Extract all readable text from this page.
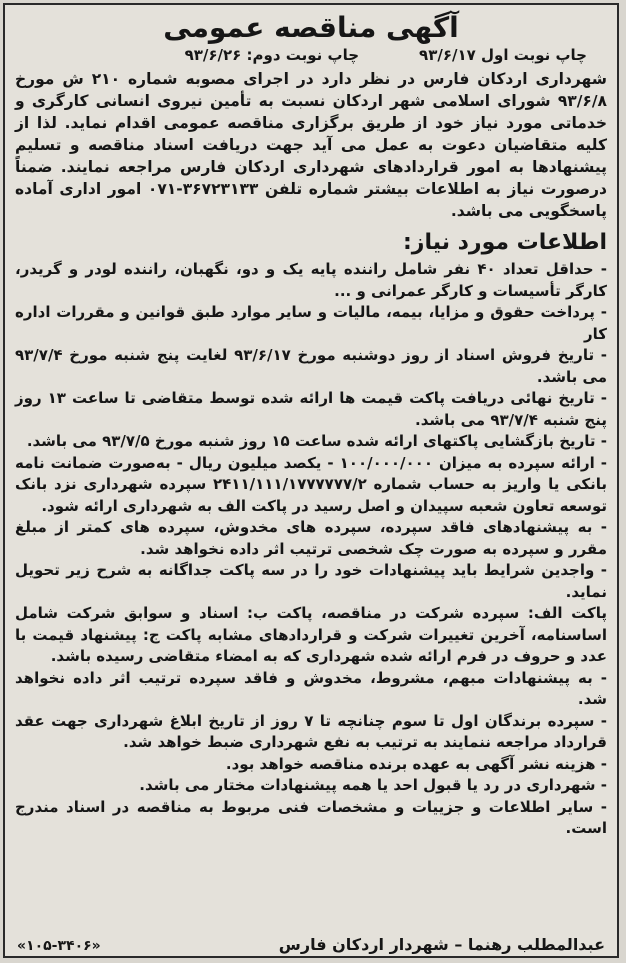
آگهی مناقصه عمومی
چاپ نوبت اول ۹۳/۶/۱۷
چاپ نوبت دوم: ۹۳/۶/۲۶
شهرداری اردکان فارس در نظر دارد در اجرای مصوبه شماره ۲۱۰ ش مورخ ۹۳/۶/۸ شورای اسلامی شهر اردکان نسبت به تأمین نیروی انسانی کارگری و خدماتی مورد نیاز خود از طریق برگزاری مناقصه عمومی اقدام نماید. لذا از کلیه متقاضیان دعوت به عمل می آید جهت دریافت اسناد مناقصه و تسلیم پیشنهادها به امور قراردادهای شهرداری اردکان فارس مراجعه نمایند. ضمناً درصورت نیاز به اطلاعات بیشتر شماره تلفن ۳۶۷۲۳۱۳۳-۰۷۱ امور اداری آماده پاسخگویی می باشد.
اطلاعات مورد نیاز:
- حداقل تعداد ۴۰ نفر شامل راننده پایه یک و دو، نگهبان، راننده لودر و گریدر، کارگر تأسیسات و کارگر عمرانی و ...
- پرداخت حقوق و مزایا، بیمه، مالیات و سایر موارد طبق قوانین و مقررات اداره کار
- تاریخ فروش اسناد از روز دوشنبه مورخ ۹۳/۶/۱۷ لغایت پنج شنبه مورخ ۹۳/۷/۴ می باشد.
- تاریخ نهائی دریافت پاکت قیمت ها ارائه شده توسط متقاضی تا ساعت ۱۳ روز پنج شنبه ۹۳/۷/۴ می باشد.
- تاریخ بازگشایی پاکتهای ارائه شده ساعت ۱۵ روز شنبه مورخ ۹۳/۷/۵ می باشد.
- ارائه سپرده به میزان ۱۰۰/۰۰۰/۰۰۰ - یکصد میلیون ریال - به‌صورت ضمانت نامه بانکی یا واریز به حساب شماره ۲۴۱۱/۱۱۱/۱۷۷۷۷۷۷/۲ سپرده شهرداری نزد بانک توسعه تعاون شعبه سپیدان و اصل رسید در پاکت الف به شهرداری ارائه شود.
- به پیشنهادهای فاقد سپرده، سپرده های مخدوش، سپرده های کمتر از مبلغ مقرر و سپرده به صورت چک شخصی ترتیب اثر داده نخواهد شد.
- واجدین شرایط باید پیشنهادات خود را در سه پاکت جداگانه به شرح زیر تحویل نماید.
پاکت الف: سپرده شرکت در مناقصه، پاکت ب: اسناد و سوابق شرکت شامل اساسنامه، آخرین تغییرات شرکت و قراردادهای مشابه پاکت ج: پیشنهاد قیمت با عدد و حروف در فرم ارائه شده شهرداری که به امضاء متقاضی رسیده باشد.
- به پیشنهادات مبهم، مشروط، مخدوش و فاقد سپرده ترتیب اثر داده نخواهد شد.
- سپرده برندگان اول تا سوم چنانچه تا ۷ روز از تاریخ ابلاغ شهرداری جهت عقد قرارداد مراجعه ننمایند به ترتیب به نفع شهرداری ضبط خواهد شد.
- هزینه نشر آگهی به عهده برنده مناقصه خواهد بود.
- شهرداری در رد یا قبول احد یا همه پیشنهادات مختار می باشد.
- سایر اطلاعات و جزییات و مشخصات فنی مربوط به مناقصه در اسناد مندرج است.
عبدالمطلب رهنما – شهردار اردکان فارس
«۱۰۵-۳۴۰۶»
